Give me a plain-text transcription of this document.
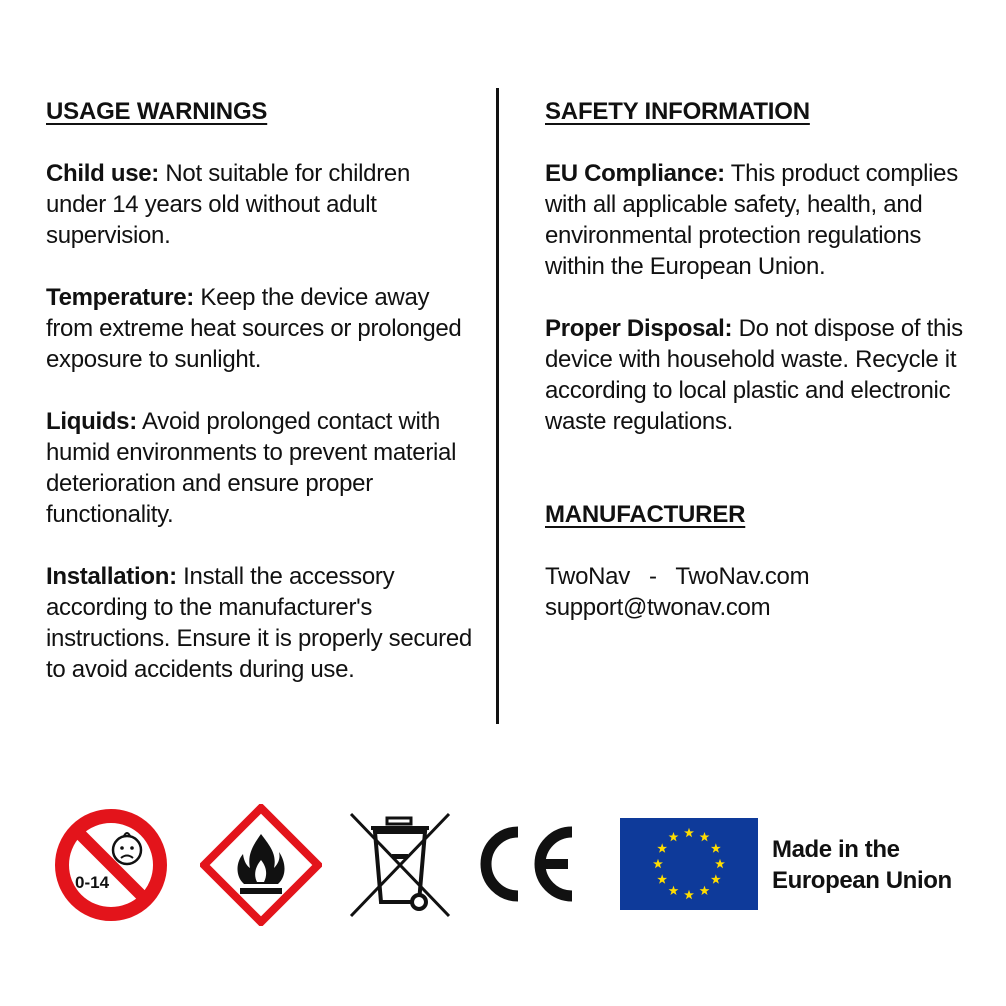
USAGE WARNINGS

Child use: Not suitable for children under 14 years old without adult supervision.

Temperature: Keep the device away from extreme heat sources or prolonged exposure to sunlight.

Liquids: Avoid prolonged contact with humid environments to prevent material deterioration and ensure proper functionality.

Installation: Install the accessory according to the manufacturer's instructions. Ensure it is properly secured to avoid accidents during use.

SAFETY INFORMATION

EU Compliance: This product complies with all applicable safety, health, and environmental protection regulations within the European Union.

Proper Disposal: Do not dispose of this device with household waste. Recycle it according to local plastic and electronic waste regulations.

MANUFACTURER

TwoNav   -   TwoNav.com

support@twonav.com

0-14
Made in the
European Union
